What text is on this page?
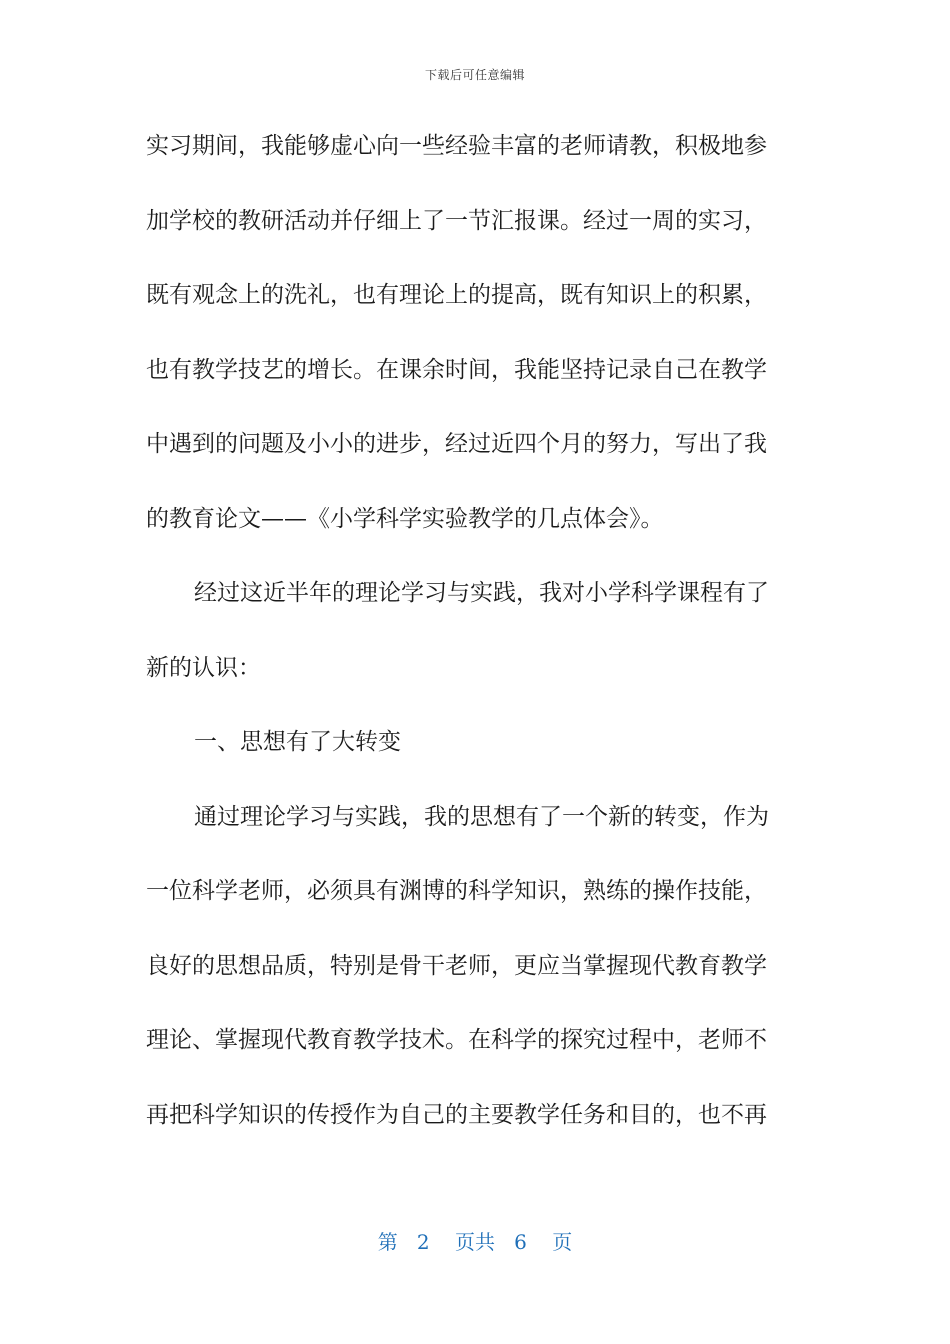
下载后可任意编辑
实习期间，我能够虚心向一些经验丰富的老师请教，积极地参
加学校的教研活动并仔细上了一节汇报课。经过一周的实习，
既有观念上的洗礼，也有理论上的提高，既有知识上的积累，
也有教学技艺的增长。在课余时间，我能坚持记录自己在教学
中遇到的问题及小小的进步，经过近四个月的努力，写出了我
的教育论文——《小学科学实验教学的几点体会》。
经过这近半年的理论学习与实践，我对小学科学课程有了
新的认识：
一、思想有了大转变
通过理论学习与实践，我的思想有了一个新的转变，作为
一位科学老师，必须具有渊博的科学知识，熟练的操作技能，
良好的思想品质，特别是骨干老师，更应当掌握现代教育教学
理论、掌握现代教育教学技术。在科学的探究过程中，老师不
再把科学知识的传授作为自己的主要教学任务和目的，也不再
第 2 页共 6 页
